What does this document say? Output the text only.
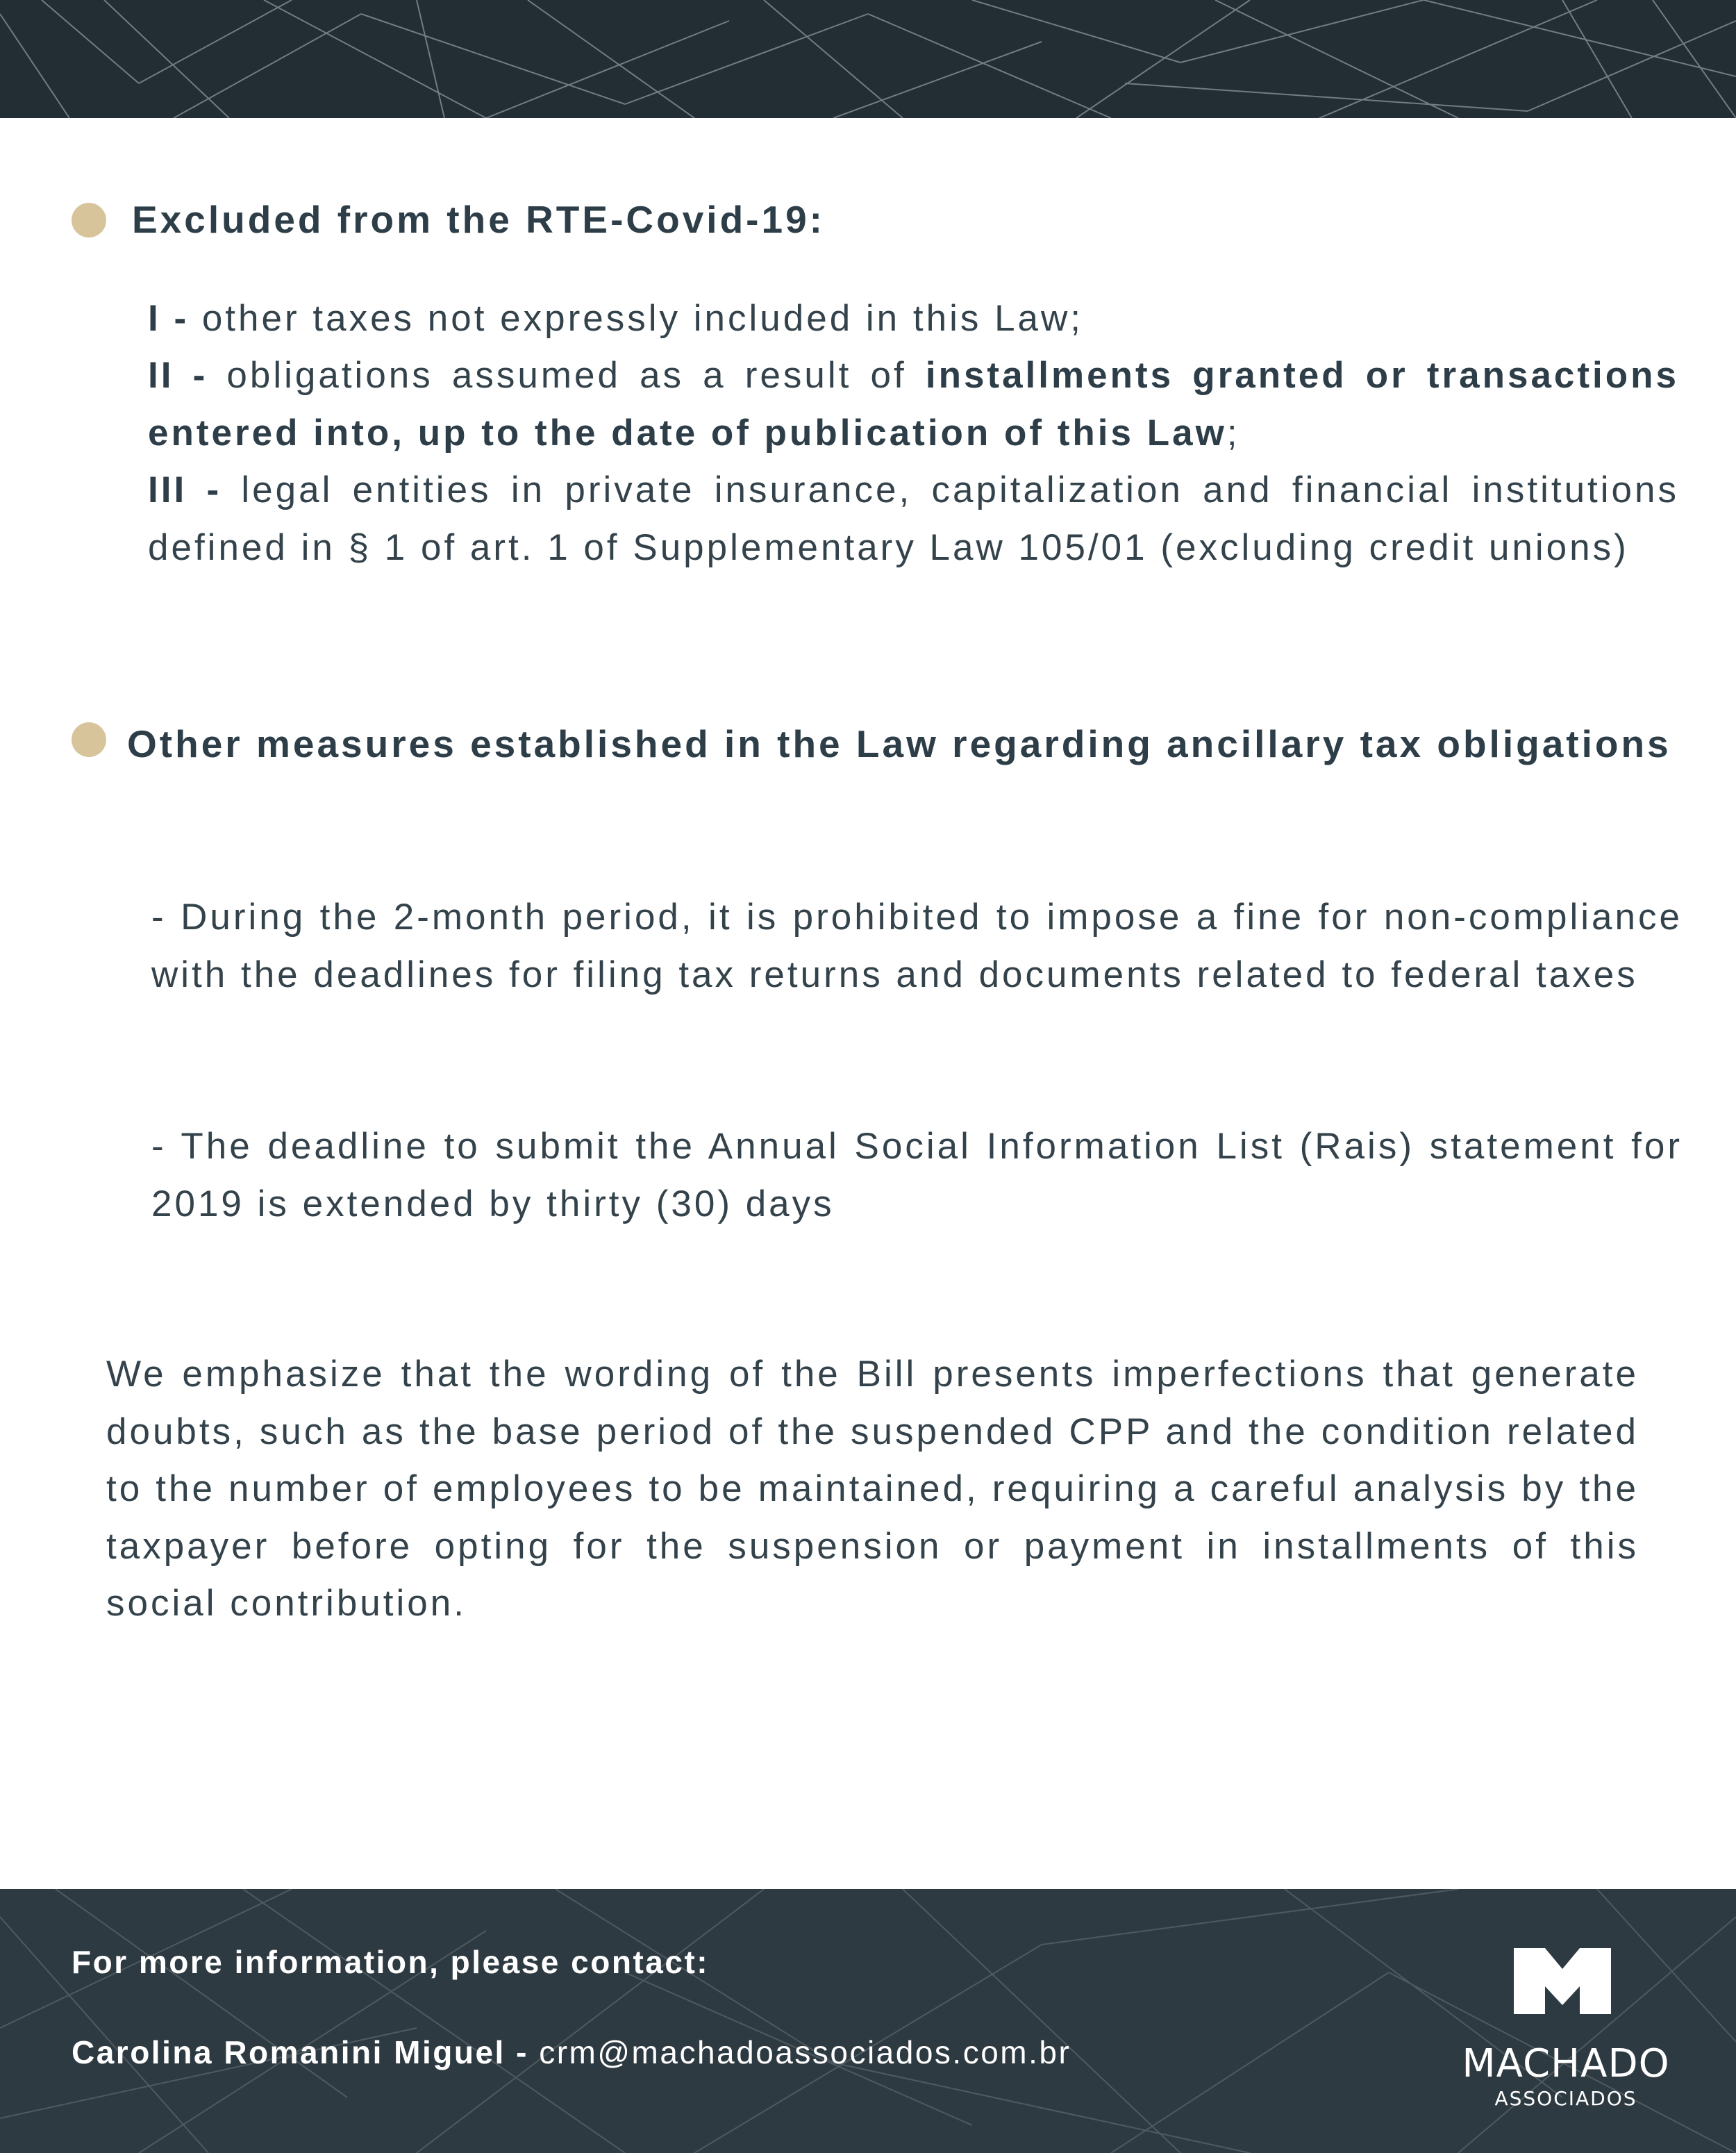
Excluded from the RTE-Covid-19:

I - other taxes not expressly included in this Law;

II - obligations assumed as a result of installments granted or transactions entered into, up to the date of publication of this Law;

III - legal entities in private insurance, capitalization and financial institutions defined in § 1 of art. 1 of Supplementary Law 105/01 (excluding credit unions)

Other measures established in the Law regarding ancillary tax obligations

- During the 2-month period, it is prohibited to impose a fine for non-compliance with the deadlines for filing tax returns and documents related to federal taxes

- The deadline to submit the Annual Social Information List (Rais) statement for 2019 is extended by thirty (30) days

We emphasize that the wording of the Bill presents imperfections that generate doubts, such as the base period of the suspended CPP and the condition related to the number of employees to be maintained, requiring a careful analysis by the taxpayer before opting for the suspension or payment in installments of this social contribution.

For more information, please contact:

Carolina Romanini Miguel - crm@machadoassociados.com.br	MACHADO
ASSOCIADOS
